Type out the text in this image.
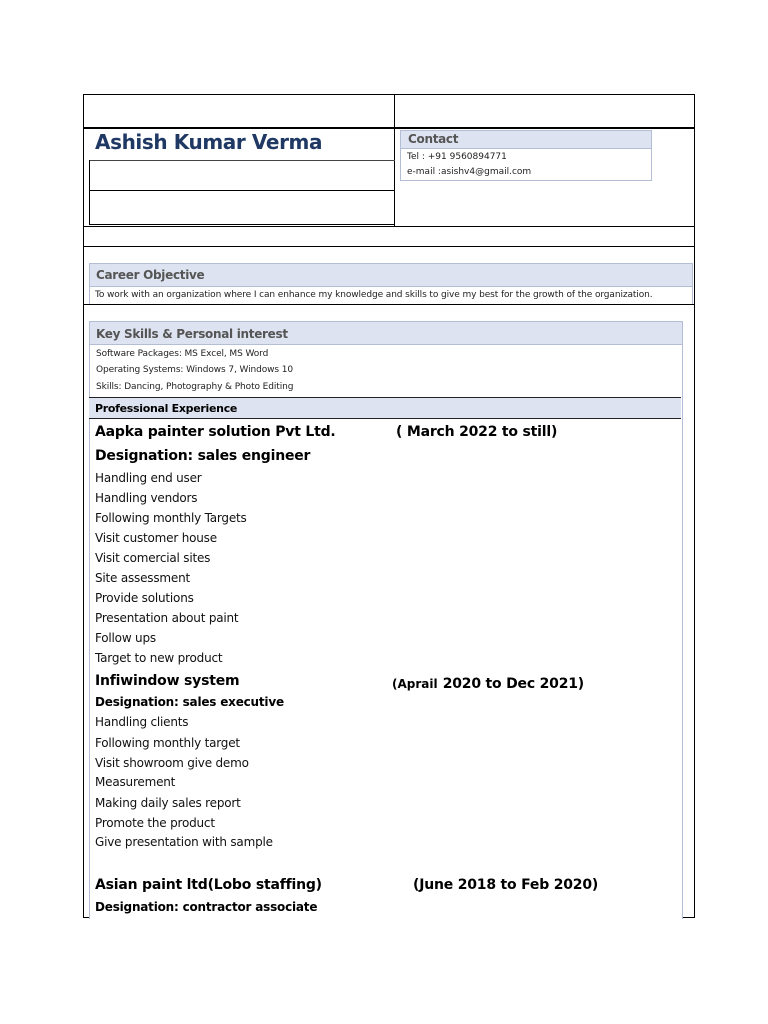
Ashish Kumar Verma	Contact
Tel : +91 9560894771
e-mail :asishv4@gmail.com
Career Objective
To work with an organization where I can enhance my knowledge and skills to give my best for the growth of the organization.
Key Skills & Personal interest
Software Packages: MS Excel, MS Word
Operating Systems: Windows 7, Windows 10
Skills: Dancing, Photography & Photo Editing
Professional Experience
Aapka painter solution Pvt Ltd.	( March 2022 to still)
Designation: sales engineer
Handling end user
Handling vendors
Following monthly Targets
Visit customer house
Visit comercial sites
Site assessment
Provide solutions
Presentation about paint
Follow ups
Target to new product
Infiwindow system	(Aprail 2020 to Dec 2021)
Designation: sales executive
Handling clients
Following monthly target
Visit showroom give demo
Measurement
Making daily sales report
Promote the product
Give presentation with sample
Asian paint ltd(Lobo staffing)	(June 2018 to Feb 2020)
Designation: contractor associate
